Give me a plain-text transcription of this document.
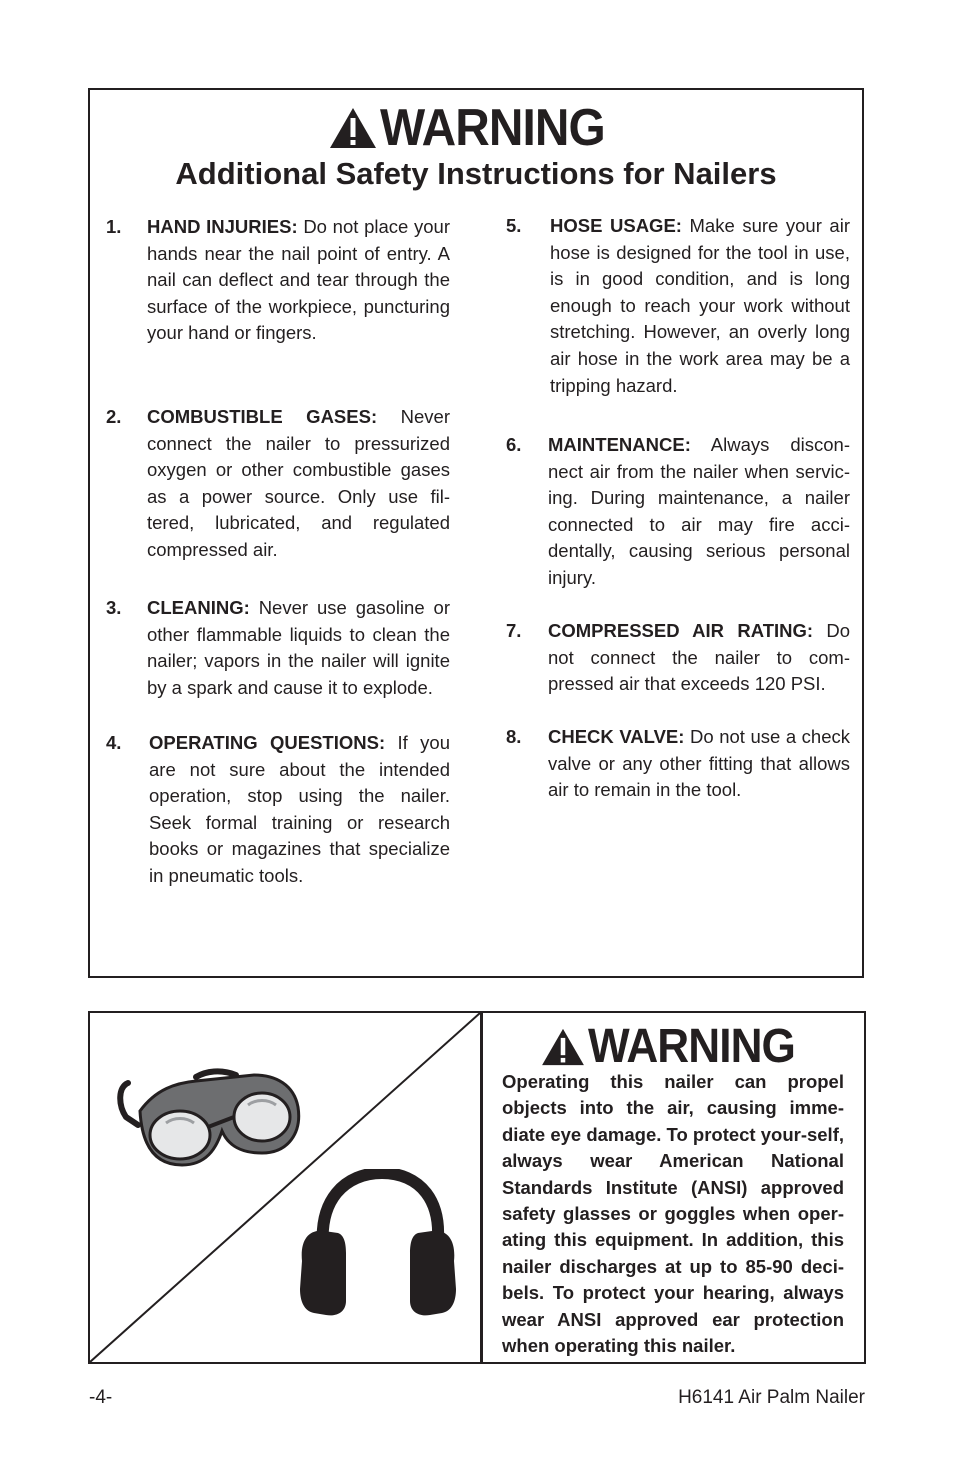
WARNING
Additional Safety Instructions for Nailers
1. HAND INJURIES: Do not place your hands near the nail point of entry. A nail can deflect and tear through the surface of the workpiece, puncturing your hand or fingers.
2. COMBUSTIBLE GASES: Never connect the nailer to pressurized oxygen or other combustible gases as a power source. Only use fil-tered, lubricated, and regulated compressed air.
3. CLEANING: Never use gasoline or other flammable liquids to clean the nailer; vapors in the nailer will ignite by a spark and cause it to explode.
4. OPERATING QUESTIONS: If you are not sure about the intended operation, stop using the nailer. Seek formal training or research books or magazines that specialize in pneumatic tools.
5. HOSE USAGE: Make sure your air hose is designed for the tool in use, is in good condition, and is long enough to reach your work without stretching. However, an overly long air hose in the work area may be a tripping hazard.
6. MAINTENANCE: Always discon-nect air from the nailer when servic-ing. During maintenance, a nailer connected to air may fire acci-dentally, causing serious personal injury.
7. COMPRESSED AIR RATING: Do not connect the nailer to com-pressed air that exceeds 120 PSI.
8. CHECK VALVE: Do not use a check valve or any other fitting that allows air to remain in the tool.
WARNING
Operating this nailer can propel objects into the air, causing imme-diate eye damage. To protect your-self, always wear American National Standards Institute (ANSI) approved safety glasses or goggles when oper-ating this equipment. In addition, this nailer discharges at up to 85-90 deci-bels. To protect your hearing, always wear ANSI approved ear protection when operating this nailer.
-4-	H6141 Air Palm Nailer
